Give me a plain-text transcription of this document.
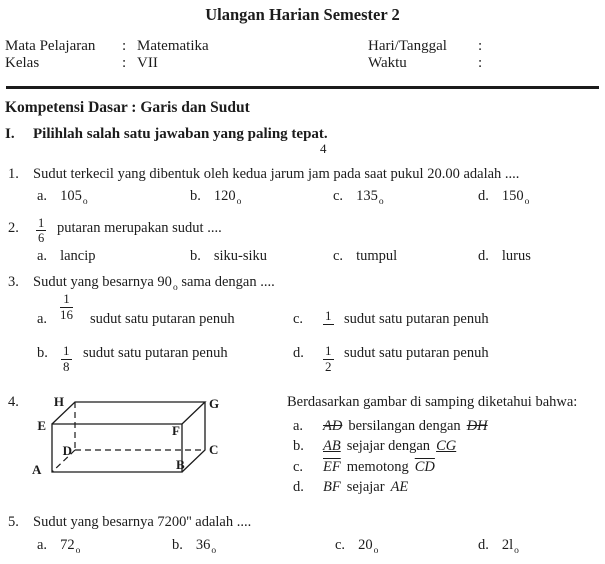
Ulangan Harian Semester 2
Mata Pelajaran : Matematika
Kelas	: VII
Hari/Tanggal :
Waktu	:
Kompetensi Dasar : Garis dan Sudut
I. Pilihlah salah satu jawaban yang paling tepat.
4
1. Sudut terkecil yang dibentuk oleh kedua jarum jam pada saat pukul 20.00 adalah ....
a. $105_o$	b. $120_o$	c. $135_o$	d. $150_o$
2. $\frac{1}{6}$ putaran merupakan sudut ....
a. lancip	b. siku-siku	c. tumpul	d. lurus
3. Sudut yang besarnya $90_o$ sama dengan ....
a. $\frac{1}{16}$ sudut satu putaran penuh
b. $\frac{1}{8}$ sudut satu putaran penuh
c. 1 sudut satu putaran penuh
d. $\frac{1}{2}$ sudut satu putaran penuh
4.
A	B
C
D
E	F
G
H	Berdasarkan gambar di samping diketahui bahwa:
a. AD bersilangan dengan DH
b. AB sejajar dengan CG
c. $\overline{EF}$ memotong $\overline{CD}$
d. BF sejajar AE
5. Sudut yang besarnya 7200'' adalah ....
a. $72_o$	b. $36_o$	c. $20_o$	d. $2l_o$
